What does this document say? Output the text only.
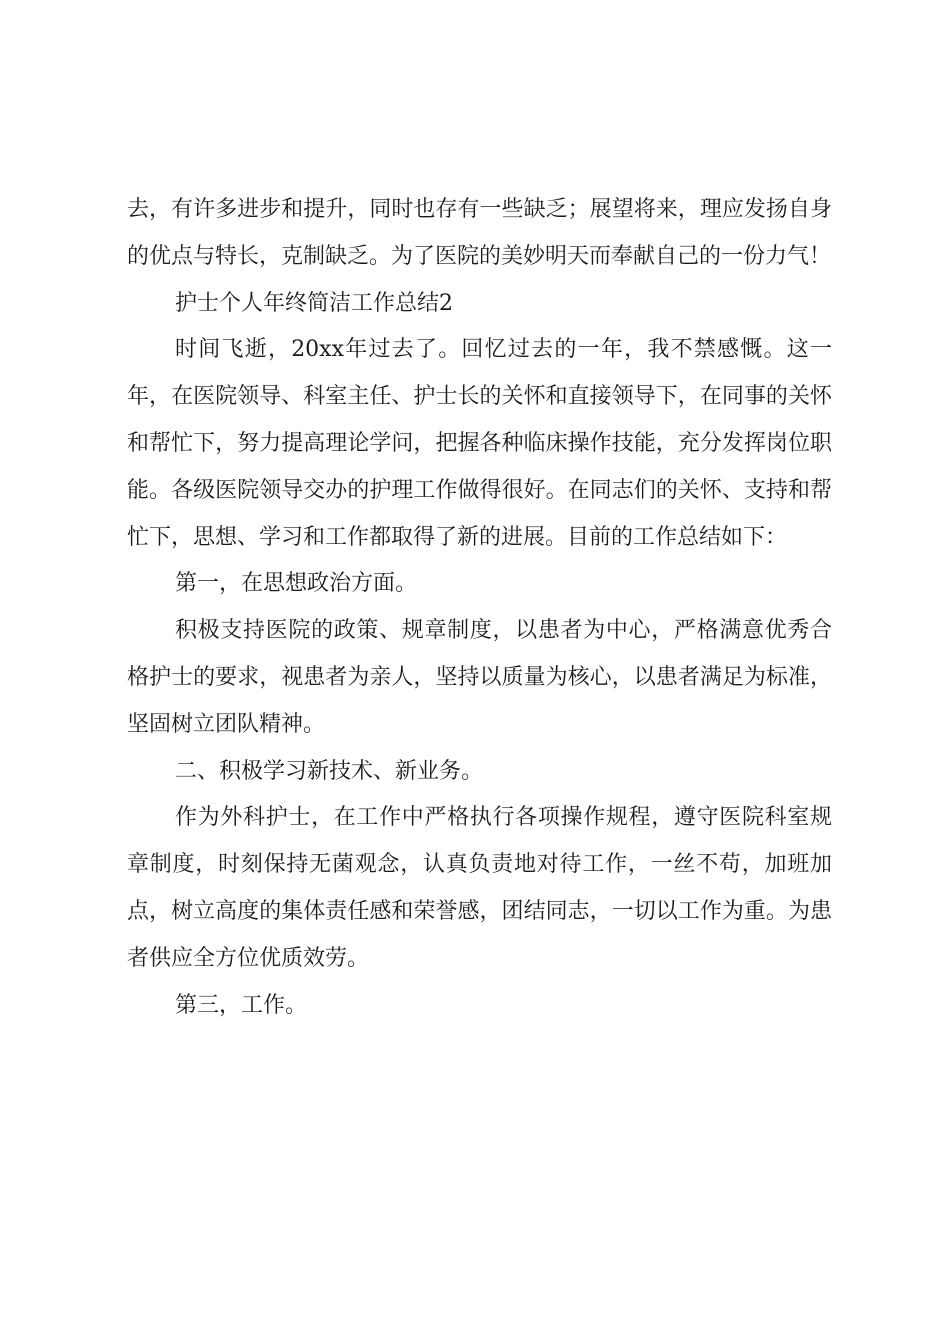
去，有许多进步和提升，同时也存有一些缺乏；展望将来，理应发扬自身的优点与特长，克制缺乏。为了医院的美妙明天而奉献自己的一份力气！

护士个人年终简洁工作总结2

时间飞逝，20xx年过去了。回忆过去的一年，我不禁感慨。这一年，在医院领导、科室主任、护士长的关怀和直接领导下，在同事的关怀和帮忙下，努力提高理论学问，把握各种临床操作技能，充分发挥岗位职能。各级医院领导交办的护理工作做得很好。在同志们的关怀、支持和帮忙下，思想、学习和工作都取得了新的进展。目前的工作总结如下：

第一，在思想政治方面。

积极支持医院的政策、规章制度，以患者为中心，严格满意优秀合格护士的要求，视患者为亲人，坚持以质量为核心，以患者满足为标准，坚固树立团队精神。

二、积极学习新技术、新业务。

作为外科护士，在工作中严格执行各项操作规程，遵守医院科室规章制度，时刻保持无菌观念，认真负责地对待工作，一丝不苟，加班加点，树立高度的集体责任感和荣誉感，团结同志，一切以工作为重。为患者供应全方位优质效劳。

第三，工作。
